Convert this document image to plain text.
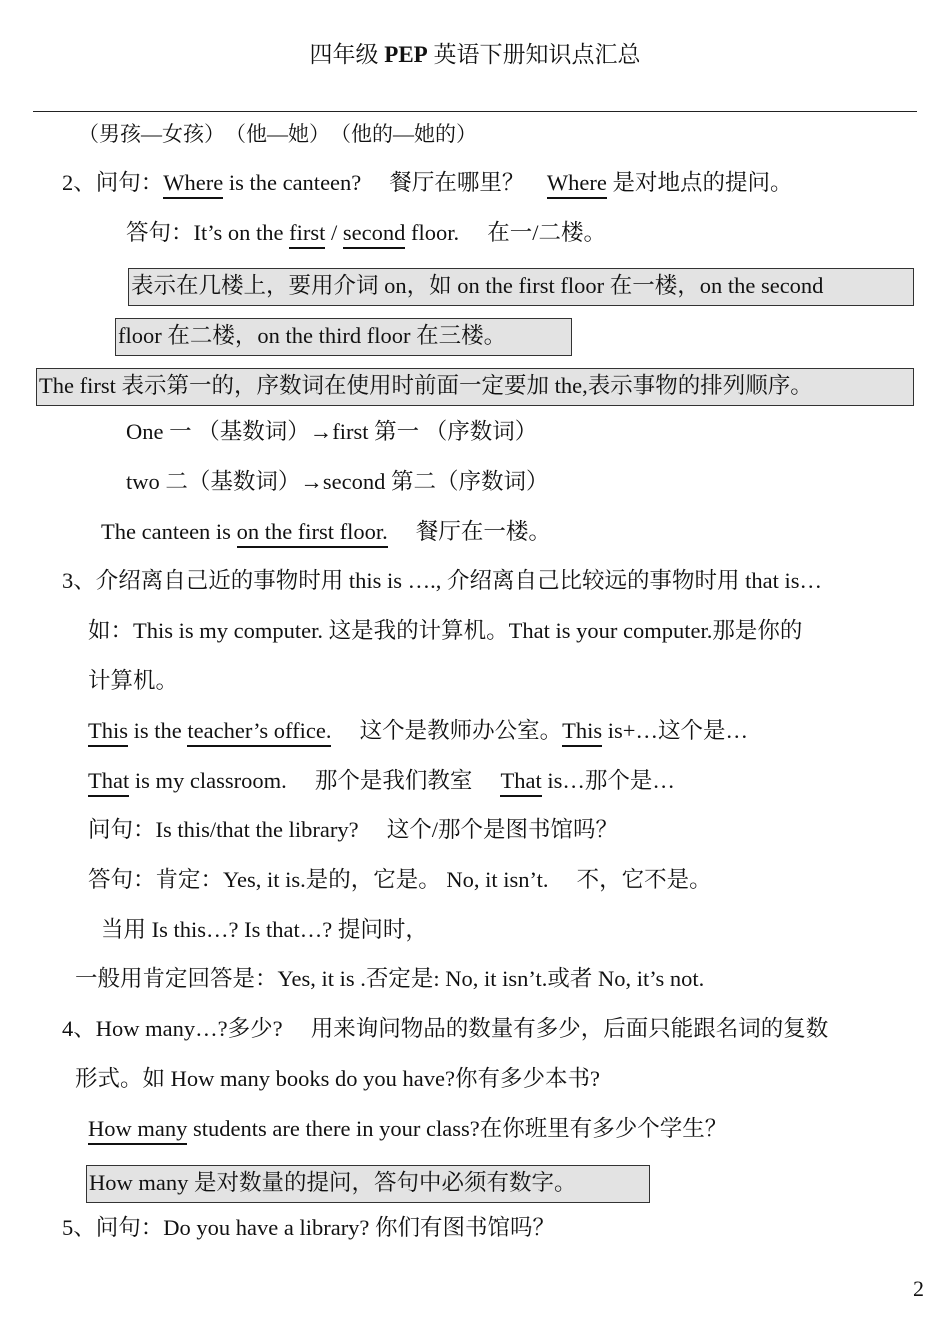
四年级 PEP 英语下册知识点汇总
（男孩—女孩）　（他—她）　（他的—她的）
2、问句：Where is the canteen?　 餐厅在哪里？　Where 是对地点的提问。
答句：It’s on the first / second floor.　 在一/二楼。
表示在几楼上，要用介词 on，如 on the first floor 在一楼，on the second
floor 在二楼，on the third floor 在三楼。
The first 表示第一的，序数词在使用时前面一定要加 the,表示事物的排列顺序。
One 一 （基数词）→first 第一 （序数词）
two 二（基数词）→second 第二（序数词）
The canteen is on the first floor.　 餐厅在一楼。
3、介绍离自己近的事物时用 this is …., 介绍离自己比较远的事物时用 that is…
如：This is my computer. 这是我的计算机。That is your computer.那是你的
计算机。
This is the teacher’s office.　 这个是教师办公室。This is+…这个是…
That is my classroom.　 那个是我们教室　 That is…那个是…
问句：Is this/that the library?　 这个/那个是图书馆吗？
答句：肯定：Yes, it is.是的，它是。 No, it isn’t.　 不，它不是。
当用 Is this…? Is that…? 提问时，
一般用肯定回答是：Yes, it is .否定是: No, it isn’t.或者 No, it’s not.
4、How many…?多少?　 用来询问物品的数量有多少，后面只能跟名词的复数
形式。如 How many books do you have?你有多少本书?
How many students are there in your class?在你班里有多少个学生？
How many 是对数量的提问，答句中必须有数字。
5、问句：Do you have a library? 你们有图书馆吗？
2
